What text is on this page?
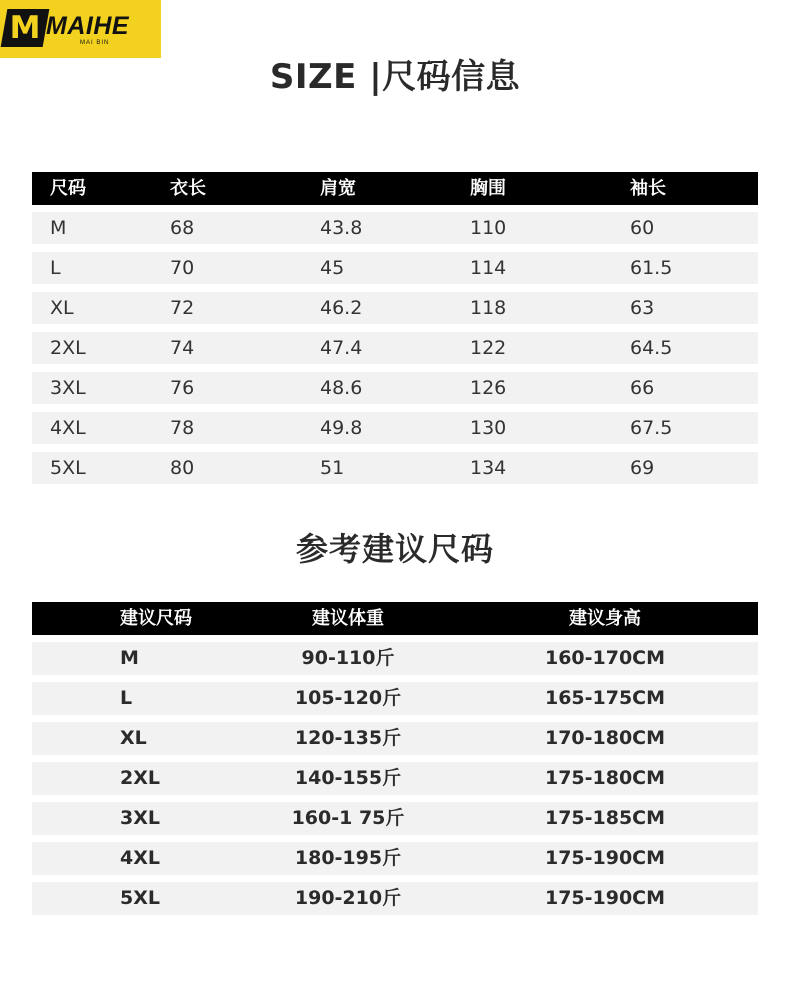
M MAIHE
MAI BIN
SIZE |尺码信息
尺码	衣长	肩宽	胸围	袖长
M	68	43.8	110	60
L	70	45	114	61.5
XL	72	46.2	118	63
2XL	74	47.4	122	64.5
3XL	76	48.6	126	66
4XL	78	49.8	130	67.5
5XL	80	51	134	69
参考建议尺码
建议尺码	建议体重	建议身高
M	90-110斤	160-170CM
L	105-120斤	165-175CM
XL	120-135斤	170-180CM
2XL	140-155斤	175-180CM
3XL	160-1 75斤	175-185CM
4XL	180-195斤	175-190CM
5XL	190-210斤	175-190CM
